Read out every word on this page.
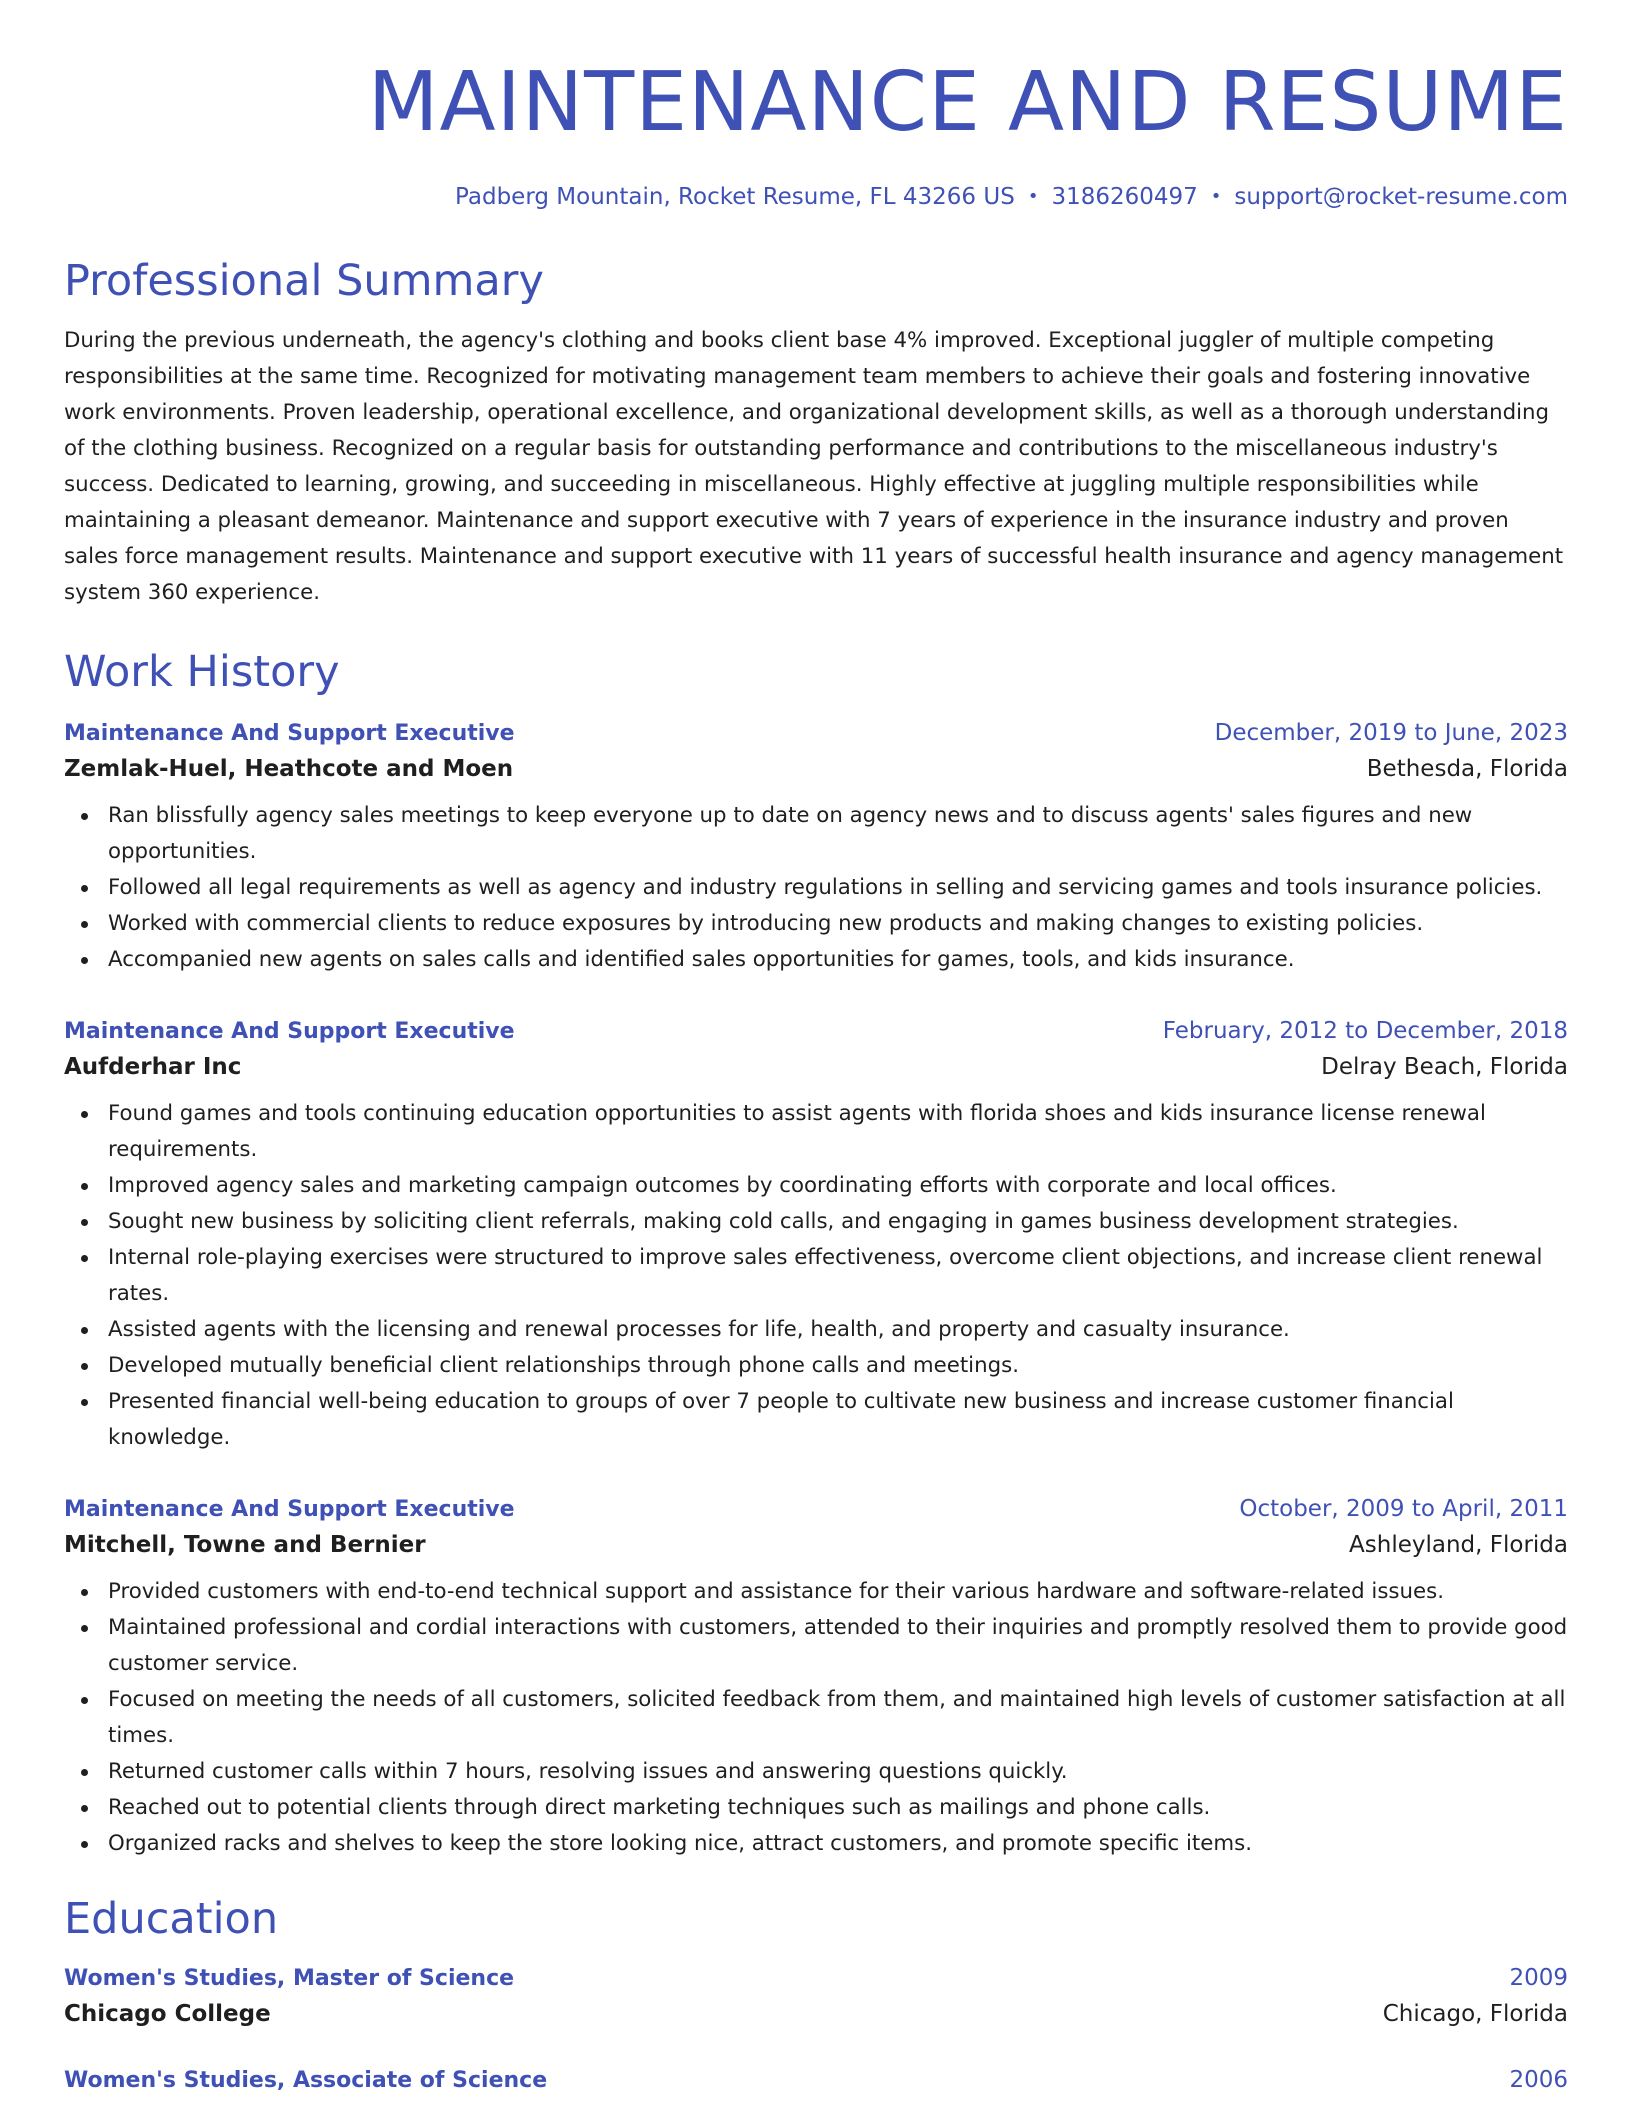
MAINTENANCE AND RESUME
Padberg Mountain, Rocket Resume, FL 43266 US • 3186260497 • support@rocket-resume.com
Professional Summary
During the previous underneath, the agency's clothing and books client base 4% improved. Exceptional juggler of multiple competing responsibilities at the same time. Recognized for motivating management team members to achieve their goals and fostering innovative work environments. Proven leadership, operational excellence, and organizational development skills, as well as a thorough understanding of the clothing business. Recognized on a regular basis for outstanding performance and contributions to the miscellaneous industry's success. Dedicated to learning, growing, and succeeding in miscellaneous. Highly effective at juggling multiple responsibilities while maintaining a pleasant demeanor. Maintenance and support executive with 7 years of experience in the insurance industry and proven sales force management results. Maintenance and support executive with 11 years of successful health insurance and agency management system 360 experience.
Work History
Maintenance And Support Executive	December, 2019 to June, 2023
Zemlak-Huel, Heathcote and Moen	Bethesda, Florida
Ran blissfully agency sales meetings to keep everyone up to date on agency news and to discuss agents' sales figures and new opportunities.
Followed all legal requirements as well as agency and industry regulations in selling and servicing games and tools insurance policies.
Worked with commercial clients to reduce exposures by introducing new products and making changes to existing policies.
Accompanied new agents on sales calls and identified sales opportunities for games, tools, and kids insurance.
Maintenance And Support Executive	February, 2012 to December, 2018
Aufderhar Inc	Delray Beach, Florida
Found games and tools continuing education opportunities to assist agents with florida shoes and kids insurance license renewal requirements.
Improved agency sales and marketing campaign outcomes by coordinating efforts with corporate and local offices.
Sought new business by soliciting client referrals, making cold calls, and engaging in games business development strategies.
Internal role-playing exercises were structured to improve sales effectiveness, overcome client objections, and increase client renewal rates.
Assisted agents with the licensing and renewal processes for life, health, and property and casualty insurance.
Developed mutually beneficial client relationships through phone calls and meetings.
Presented financial well-being education to groups of over 7 people to cultivate new business and increase customer financial knowledge.
Maintenance And Support Executive	October, 2009 to April, 2011
Mitchell, Towne and Bernier	Ashleyland, Florida
Provided customers with end-to-end technical support and assistance for their various hardware and software-related issues.
Maintained professional and cordial interactions with customers, attended to their inquiries and promptly resolved them to provide good customer service.
Focused on meeting the needs of all customers, solicited feedback from them, and maintained high levels of customer satisfaction at all times.
Returned customer calls within 7 hours, resolving issues and answering questions quickly.
Reached out to potential clients through direct marketing techniques such as mailings and phone calls.
Organized racks and shelves to keep the store looking nice, attract customers, and promote specific items.
Education
Women's Studies, Master of Science	2009
Chicago College	Chicago, Florida
Women's Studies, Associate of Science	2006
